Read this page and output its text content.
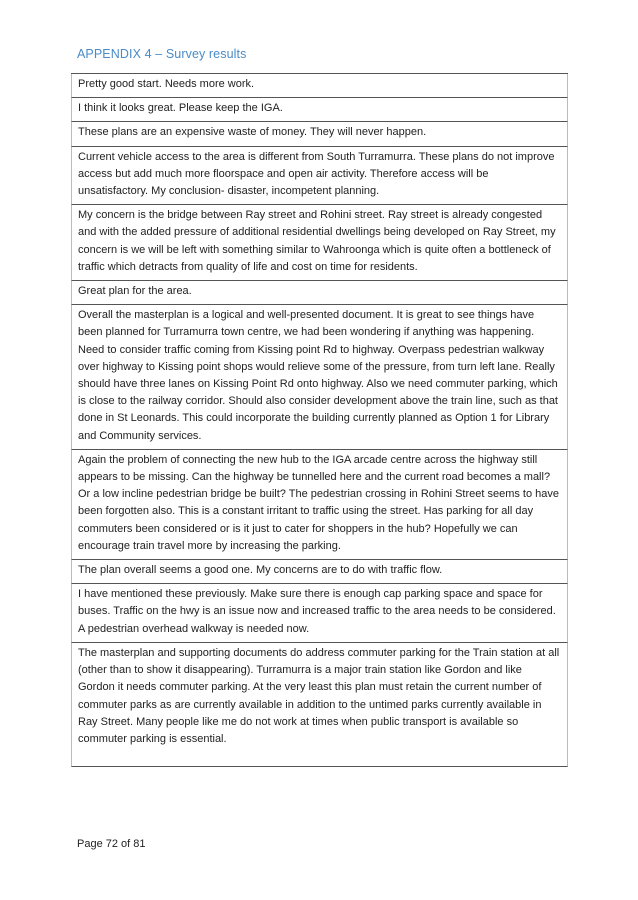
APPENDIX 4 – Survey results
Pretty good start. Needs more work.
I think it looks great. Please keep the IGA.
These plans are an expensive waste of money. They will never happen.
Current vehicle access to the area is different from South Turramurra. These plans do not improve access but add much more floorspace and open air activity. Therefore access will be unsatisfactory. My conclusion- disaster, incompetent planning.
My concern is the bridge between Ray street and Rohini street. Ray street is already congested and with the added pressure of additional residential dwellings being developed on Ray Street, my concern is we will be left with something similar to Wahroonga which is quite often a bottleneck of traffic which detracts from quality of life and cost on time for residents.
Great plan for the area.
Overall the masterplan is a logical and well-presented document. It is great to see things have been planned for Turramurra town centre, we had been wondering if anything was happening. Need to consider traffic coming from Kissing point Rd to highway. Overpass pedestrian walkway over highway to Kissing point shops would relieve some of the pressure, from turn left lane. Really should have three lanes on Kissing Point Rd onto highway. Also we need commuter parking, which is close to the railway corridor. Should also consider development above the train line, such as that done in St Leonards. This could incorporate the building currently planned as Option 1 for Library and Community services.
Again the problem of connecting the new hub to the IGA arcade centre across the highway still appears to be missing. Can the highway be tunnelled here and the current road becomes a mall? Or a low incline pedestrian bridge be built? The pedestrian crossing in Rohini Street seems to have been forgotten also. This is a constant irritant to traffic using the street. Has parking for all day commuters been considered or is it just to cater for shoppers in the hub? Hopefully we can encourage train travel more by increasing the parking.
The plan overall seems a good one. My concerns are to do with traffic flow.
I have mentioned these previously. Make sure there is enough cap parking space and space for buses. Traffic on the hwy is an issue now and increased traffic to the area needs to be considered. A pedestrian overhead walkway is needed now.
The masterplan and supporting documents do address commuter parking for the Train station at all (other than to show it disappearing). Turramurra is a major train station like Gordon and like Gordon it needs commuter parking. At the very least this plan must retain the current number of commuter parks as are currently available in addition to the untimed parks currently available in Ray Street. Many people like me do not work at times when public transport is available so commuter parking is essential.
Page 72 of 81
